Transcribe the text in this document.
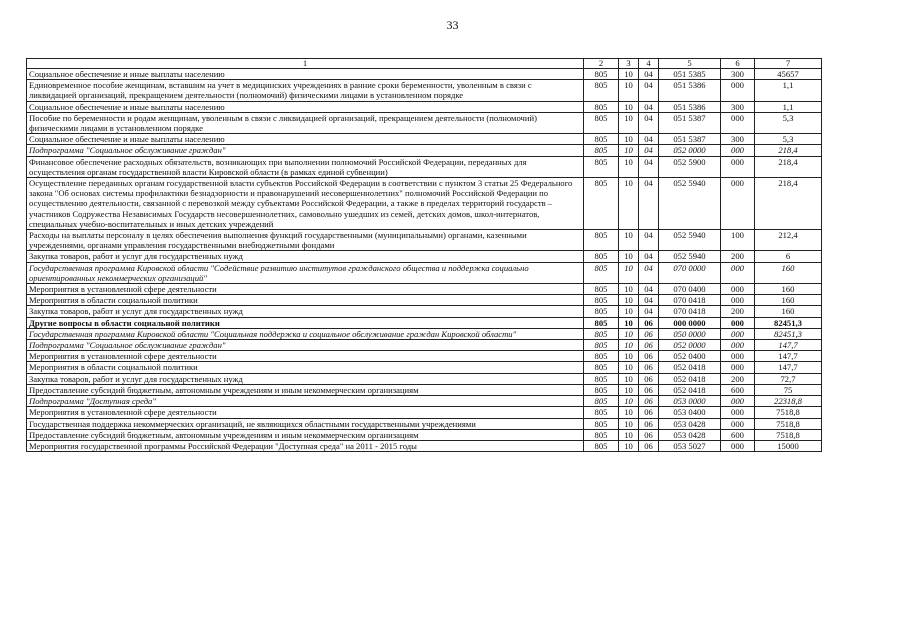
33
1	2	3	4	5	6	7
Социальное обеспечение и иные выплаты населению	805	10	04	051 5385	300	45657
Единовременное пособие женщинам, вставшим на учет в медицинских учреждениях в ранние сроки беременности, уволенным в связи с ликвидацией организаций, прекращением деятельности (полномочий) физическими лицами в установленном порядке	805	10	04	051 5386	000	1,1
Социальное обеспечение и иные выплаты населению	805	10	04	051 5386	300	1,1
Пособие по беременности и родам женщинам, уволенным в связи с ликвидацией организаций, прекращением деятельности (полномочий) физическими лицами в установленном порядке	805	10	04	051 5387	000	5,3
Социальное обеспечение и иные выплаты населению	805	10	04	051 5387	300	5,3
Подпрограмма "Социальное обслуживание граждан"	805	10	04	052 0000	000	218,4
Финансовое обеспечение расходных обязательств, возникающих при выполнении полномочий Российской Федерации, переданных для осуществления органам государственной власти Кировской области (в рамках единой субвенции)	805	10	04	052 5900	000	218,4
Осуществление переданных органам государственной власти субъектов Российской Федерации в соответствии с пунктом 3 статьи 25 Федерального закона "Об основах системы профилактики безнадзорности и правонарушений несовершеннолетних" полномочий Российской Федерации по осуществлению деятельности, связанной с перевозкой между субъектами Российской Федерации, а также в пределах территорий государств – участников Содружества Независимых Государств несовершеннолетних, самовольно ушедших из семей, детских домов, школ-интернатов, специальных учебно-воспитательных и иных детских учреждений	805	10	04	052 5940	000	218,4
Расходы на выплаты персоналу в целях обеспечения выполнения функций государственными (муниципальными) органами, казенными учреждениями, органами управления государственными внебюджетными фондами	805	10	04	052 5940	100	212,4
Закупка товаров, работ и услуг для государственных нужд	805	10	04	052 5940	200	6
Государственная программа Кировской области "Содействие развитию институтов гражданского общества и поддержка социально ориентированных некоммерческих организаций"	805	10	04	070 0000	000	160
Мероприятия в установленной сфере деятельности	805	10	04	070 0400	000	160
Мероприятия в области социальной политики	805	10	04	070 0418	000	160
Закупка товаров, работ и услуг для государственных нужд	805	10	04	070 0418	200	160
Другие вопросы в области социальной политики	805	10	06	000 0000	000	82451,3
Государственная программа Кировской области "Социальная поддержка и социальное обслуживание граждан Кировской области"	805	10	06	050 0000	000	82451,3
Подпрограмма "Социальное обслуживание граждан"	805	10	06	052 0000	000	147,7
Мероприятия в установленной сфере деятельности	805	10	06	052 0400	000	147,7
Мероприятия в области социальной политики	805	10	06	052 0418	000	147,7
Закупка товаров, работ и услуг для государственных нужд	805	10	06	052 0418	200	72,7
Предоставление субсидий бюджетным, автономным учреждениям и иным некоммерческим организациям	805	10	06	052 0418	600	75
Подпрограмма "Доступная среда"	805	10	06	053 0000	000	22318,8
Мероприятия в установленной сфере деятельности	805	10	06	053 0400	000	7518,8
Государственная поддержка некоммерческих организаций, не являющихся областными государственными учреждениями	805	10	06	053 0428	000	7518,8
Предоставление субсидий бюджетным, автономным учреждениям и иным некоммерческим организациям	805	10	06	053 0428	600	7518,8
Мероприятия государственной программы Российской Федерации "Доступная среда" на 2011 - 2015 годы	805	10	06	053 5027	000	15000
